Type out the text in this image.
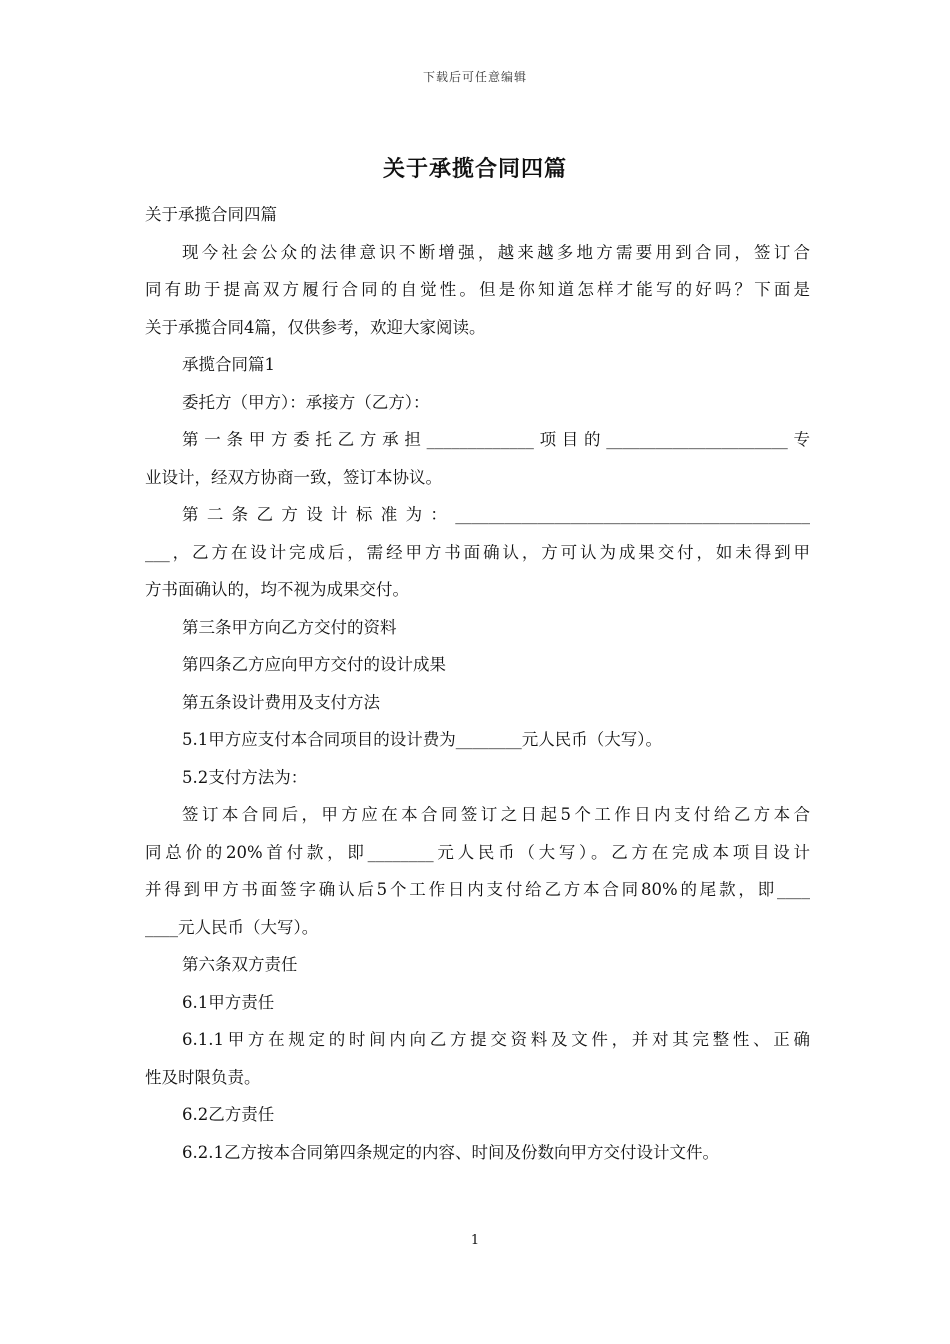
下载后可任意编辑
关于承揽合同四篇

关于承揽合同四篇

现今社会公众的法律意识不断增强，越来越多地方需要用到合同，签订合

同有助于提高双方履行合同的自觉性。但是你知道怎样才能写的好吗？下面是

关于承揽合同4篇，仅供参考，欢迎大家阅读。

承揽合同篇1

委托方（甲方）：承接方（乙方）：

第一条甲方委托乙方承担_____________项目的______________________专

业设计，经双方协商一致，签订本协议。

第二条乙方设计标准为：___________________________________________

___，乙方在设计完成后，需经甲方书面确认，方可认为成果交付，如未得到甲

方书面确认的，均不视为成果交付。

第三条甲方向乙方交付的资料

第四条乙方应向甲方交付的设计成果

第五条设计费用及支付方法

5.1甲方应支付本合同项目的设计费为________元人民币（大写）。

5.2支付方法为：

签订本合同后，甲方应在本合同签订之日起5个工作日内支付给乙方本合

同总价的20%首付款，即________元人民币（大写）。乙方在完成本项目设计

并得到甲方书面签字确认后5个工作日内支付给乙方本合同80%的尾款，即____

____元人民币（大写）。

第六条双方责任

6.1甲方责任

6.1.1甲方在规定的时间内向乙方提交资料及文件，并对其完整性、正确

性及时限负责。

6.2乙方责任

6.2.1乙方按本合同第四条规定的内容、时间及份数向甲方交付设计文件。

1
